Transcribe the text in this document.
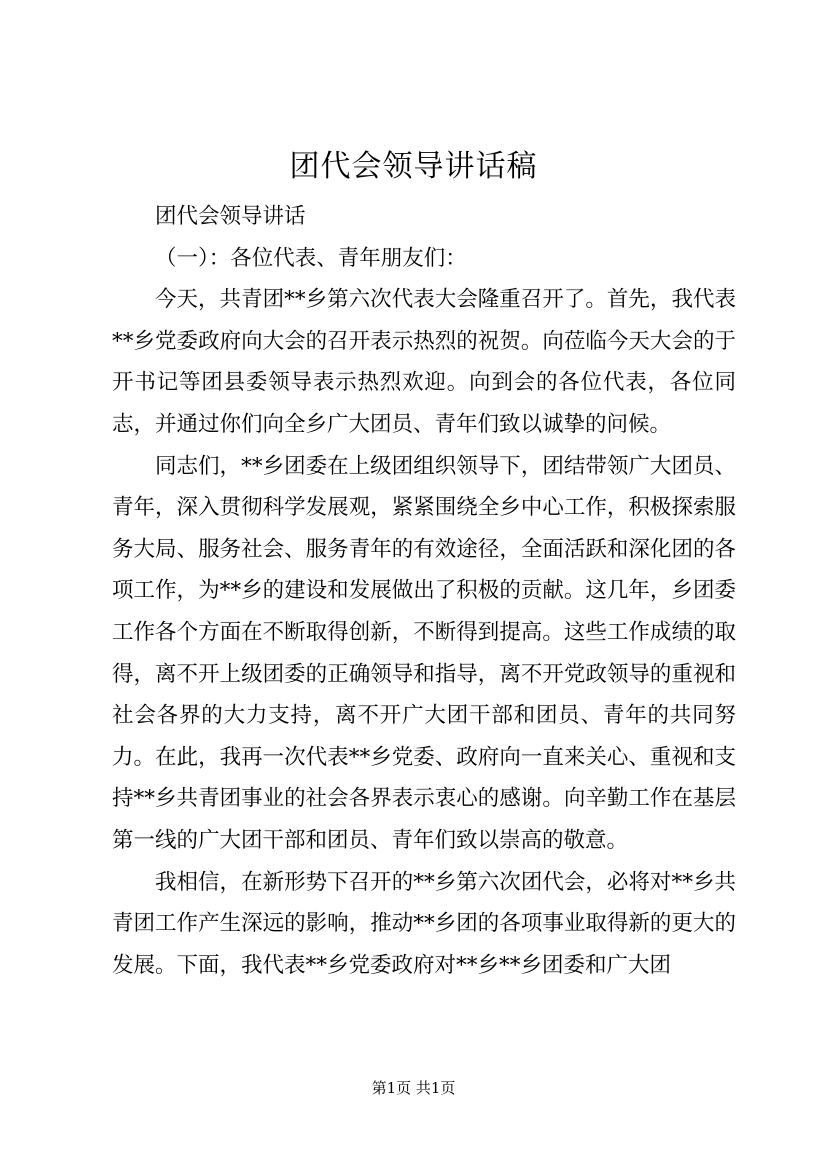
团代会领导讲话稿

团代会领导讲话

（一）：各位代表、青年朋友们：

今天，共青团**乡第六次代表大会隆重召开了。首先，我代表**乡党委政府向大会的召开表示热烈的祝贺。向莅临今天大会的于开书记等团县委领导表示热烈欢迎。向到会的各位代表，各位同志，并通过你们向全乡广大团员、青年们致以诚挚的问候。

同志们，**乡团委在上级团组织领导下，团结带领广大团员、青年，深入贯彻科学发展观，紧紧围绕全乡中心工作，积极探索服务大局、服务社会、服务青年的有效途径，全面活跃和深化团的各项工作，为**乡的建设和发展做出了积极的贡献。这几年，乡团委工作各个方面在不断取得创新，不断得到提高。这些工作成绩的取得，离不开上级团委的正确领导和指导，离不开党政领导的重视和社会各界的大力支持，离不开广大团干部和团员、青年的共同努力。在此，我再一次代表**乡党委、政府向一直来关心、重视和支持**乡共青团事业的社会各界表示衷心的感谢。向辛勤工作在基层第一线的广大团干部和团员、青年们致以崇高的敬意。

我相信，在新形势下召开的**乡第六次团代会，必将对**乡共青团工作产生深远的影响，推动**乡团的各项事业取得新的更大的发展。下面，我代表**乡党委政府对**乡**乡团委和广大团

第1页 共1页
